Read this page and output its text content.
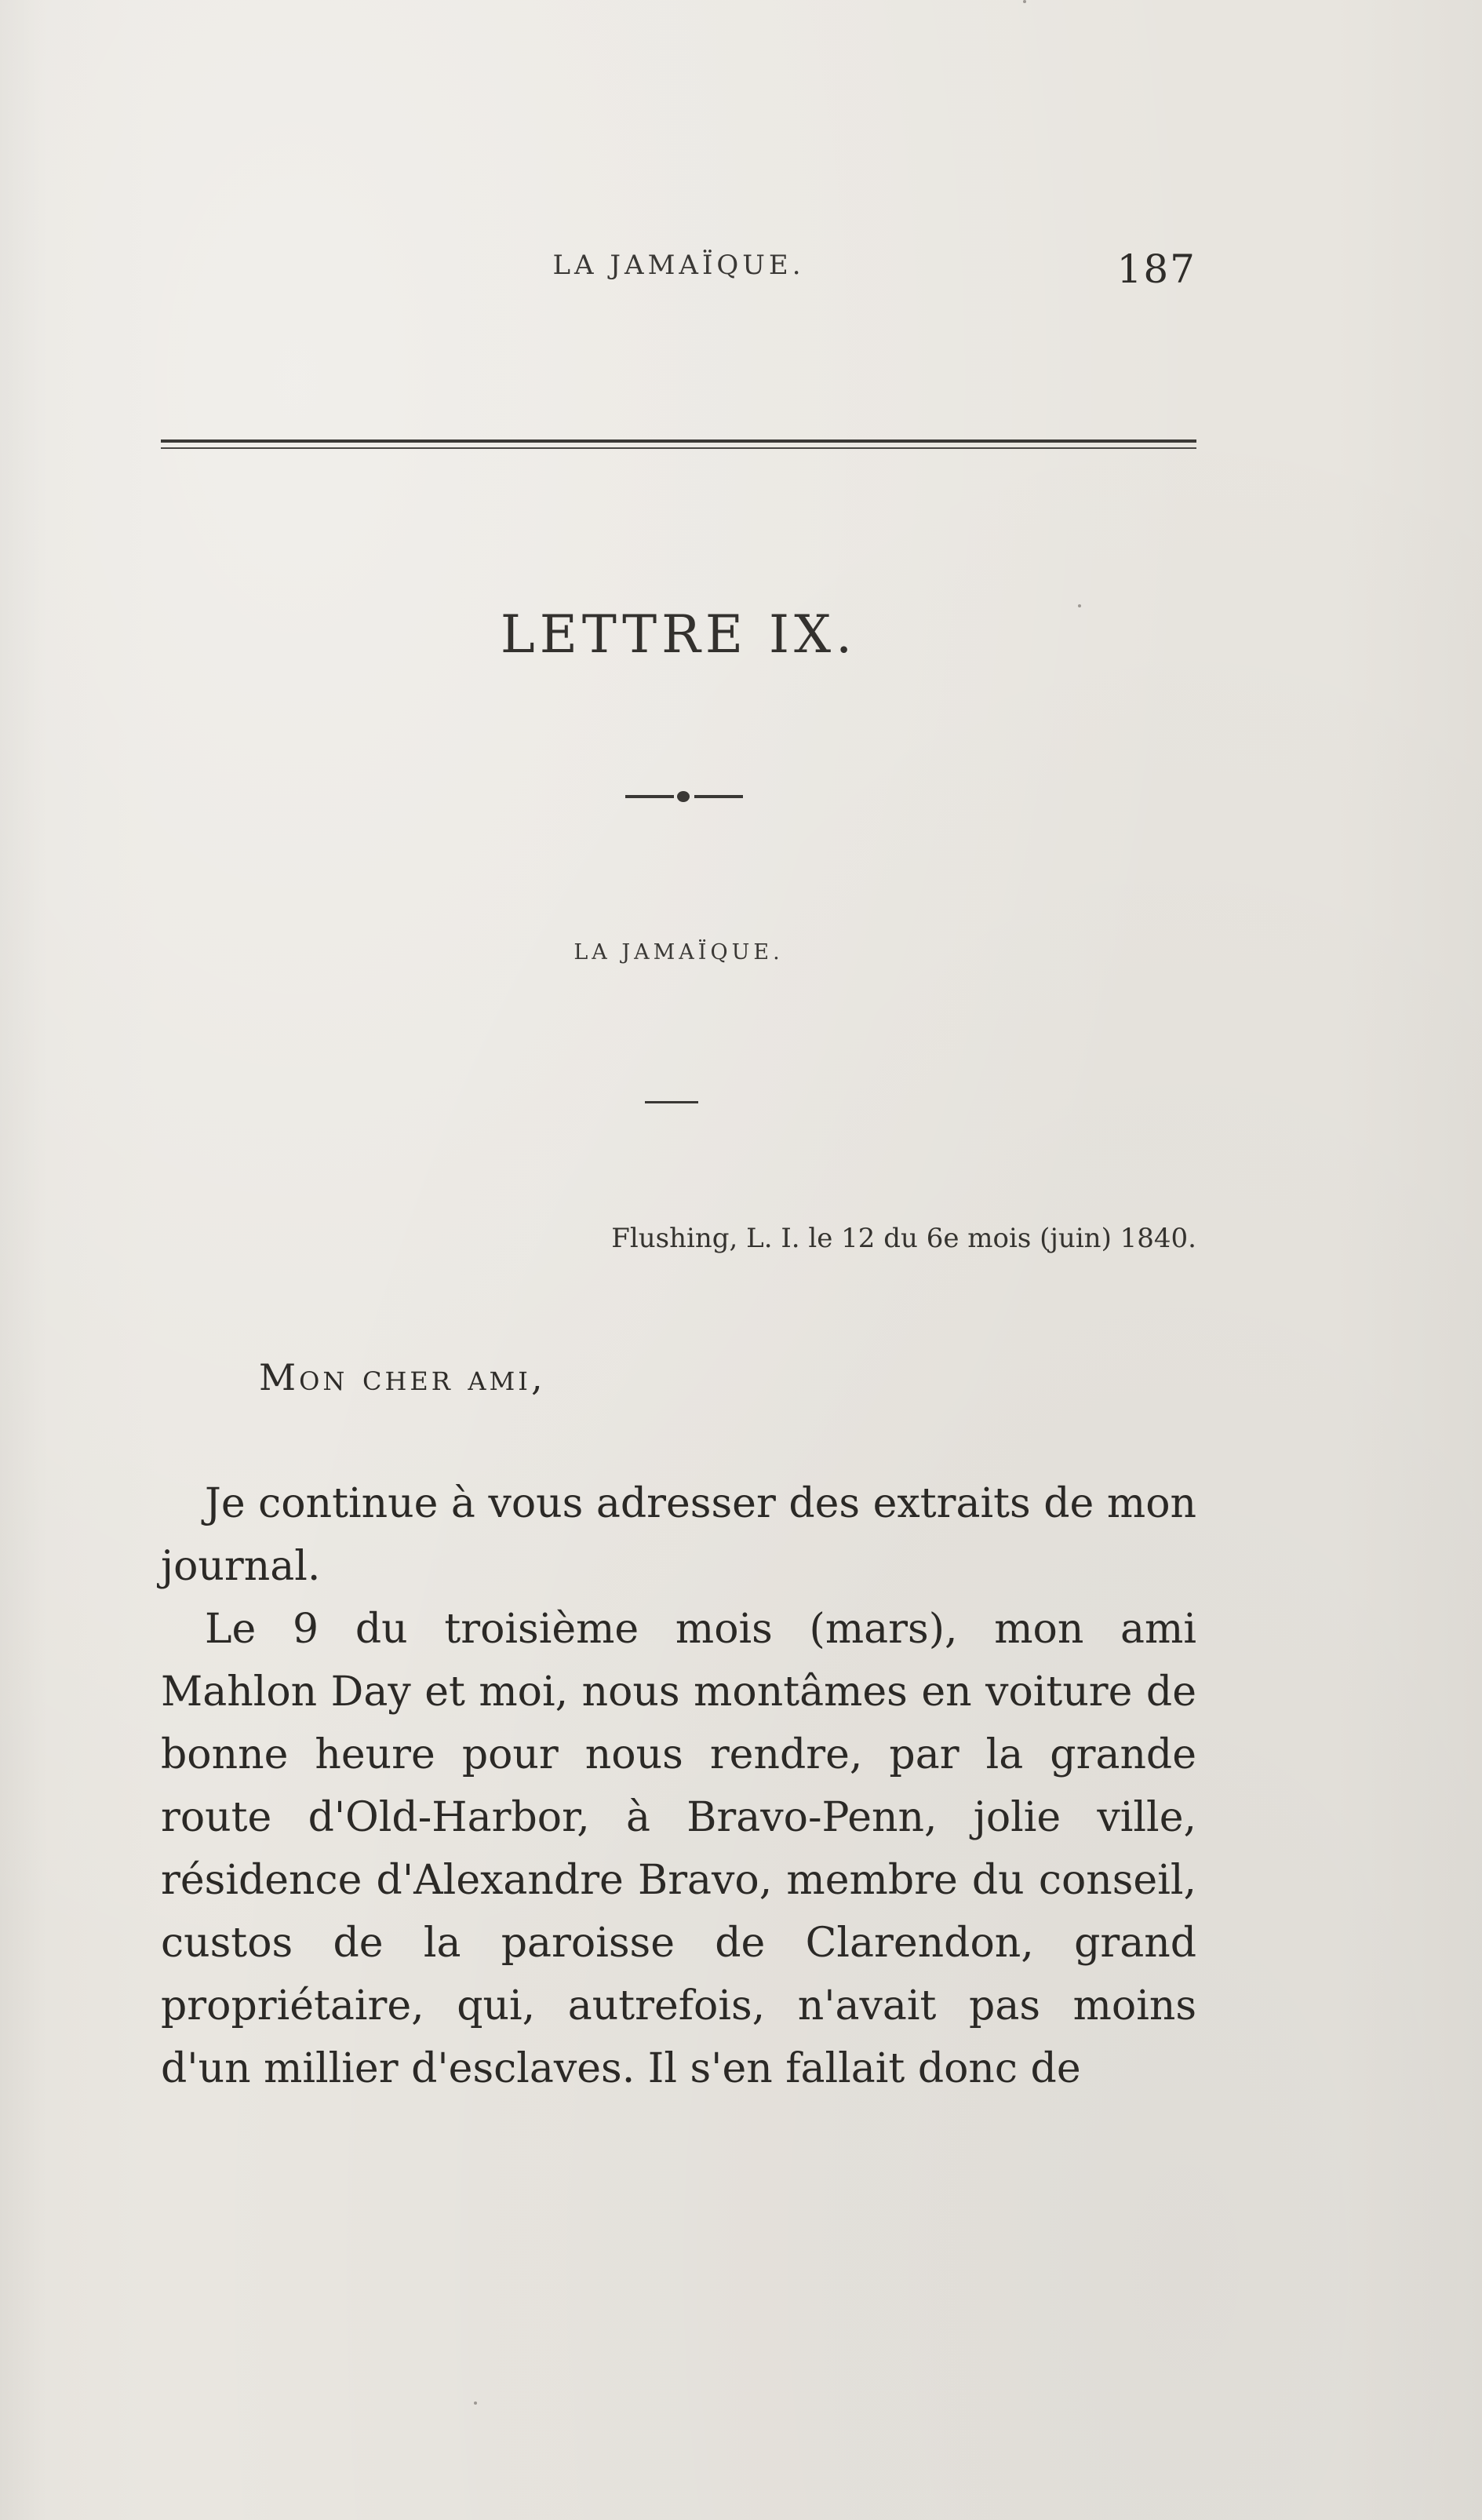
LA JAMAÏQUE.	187
LETTRE IX.
LA JAMAÏQUE.
Flushing, L. I. le 12 du 6e mois (juin) 1840.
Mon cher ami,

Je continue à vous adresser des extraits de mon journal.

Le 9 du troisième mois (mars), mon ami Mahlon Day et moi, nous montâmes en voiture de bonne heure pour nous rendre, par la grande route d'Old-Harbor, à Bravo-Penn, jolie ville, résidence d'Alexandre Bravo, membre du conseil, custos de la paroisse de Clarendon, grand propriétaire, qui, autrefois, n'avait pas moins d'un millier d'esclaves. Il s'en fallait donc de
